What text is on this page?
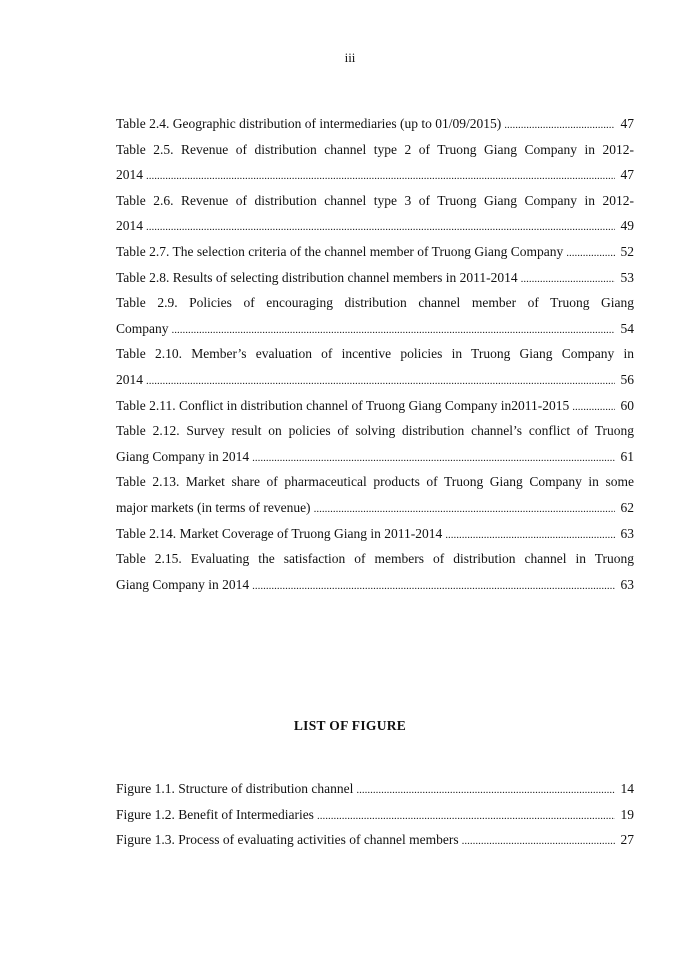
iii
Table 2.4. Geographic distribution of intermediaries (up to 01/09/2015) .....	47
Table 2.5. Revenue of distribution channel type 2 of Truong Giang Company in 2012-
2014 .....	47
Table 2.6. Revenue of distribution channel type 3 of Truong Giang Company in 2012-
2014 .....	49
Table 2.7. The selection criteria of the channel member of Truong Giang Company .....	52
Table 2.8. Results of selecting distribution channel members in 2011-2014 .....	53
Table 2.9. Policies of encouraging distribution channel member of Truong Giang
Company .....	54
Table 2.10. Member’s evaluation of incentive policies in Truong Giang Company in
2014 .....	56
Table 2.11. Conflict in distribution channel of Truong Giang Company in2011-2015 .....	60
Table 2.12. Survey result on policies of solving distribution channel’s conflict of Truong
Giang Company in 2014 .....	61
Table 2.13. Market share of pharmaceutical products of Truong Giang Company in some
major markets (in terms of revenue) .....	62
Table 2.14. Market Coverage of Truong Giang in 2011-2014 .....	63
Table 2.15. Evaluating the satisfaction of members of distribution channel in Truong
Giang Company in 2014 .....	63
LIST OF FIGURE
Figure 1.1. Structure of distribution channel .....	14
Figure 1.2. Benefit of Intermediaries .....	19
Figure 1.3. Process of evaluating activities of channel members .....	27
